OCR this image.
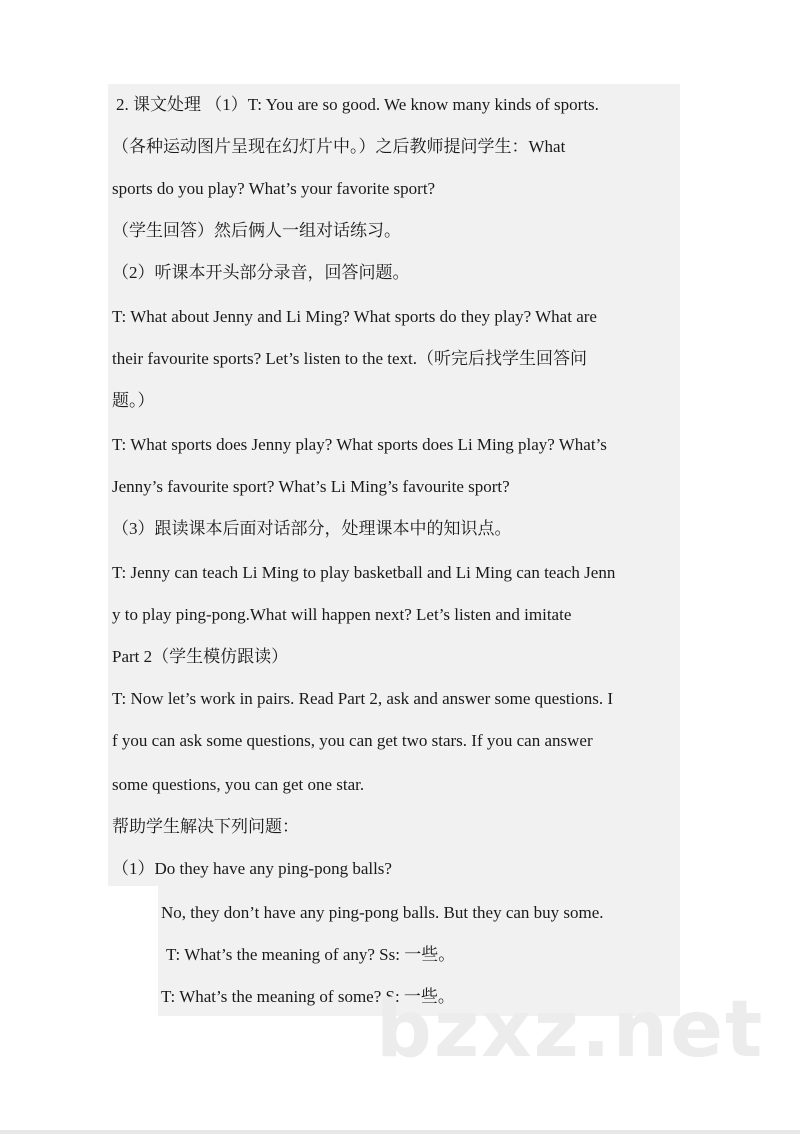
2. 课文处理 （1）T: You are so good. We know many kinds of sports.
（各种运动图片呈现在幻灯片中。）之后教师提问学生：What
sports do you play? What’s your favorite sport?
（学生回答）然后俩人一组对话练习。
（2）听课本开头部分录音，回答问题。
T: What about Jenny and Li Ming? What sports do they play? What are
their favourite sports? Let’s listen to the text.（听完后找学生回答问
题。）
T: What sports does Jenny play? What sports does Li Ming play? What’s
Jenny’s favourite sport? What’s Li Ming’s favourite sport?
（3）跟读课本后面对话部分，处理课本中的知识点。
T: Jenny can teach Li Ming to play basketball and Li Ming can teach Jenn
y to play ping-pong.What will happen next? Let’s listen and imitate
Part 2（学生模仿跟读）
T: Now let’s work in pairs. Read Part 2, ask and answer some questions. I
f you can ask some questions, you can get two stars. If you can answer
some questions, you can get one star.
帮助学生解决下列问题：
（1）Do they have any ping-pong balls?
No, they don’t have any ping-pong balls. But they can buy some.
T: What’s the meaning of any? Ss: 一些。
T: What’s the meaning of some? S: 一些。
bzxz.net
